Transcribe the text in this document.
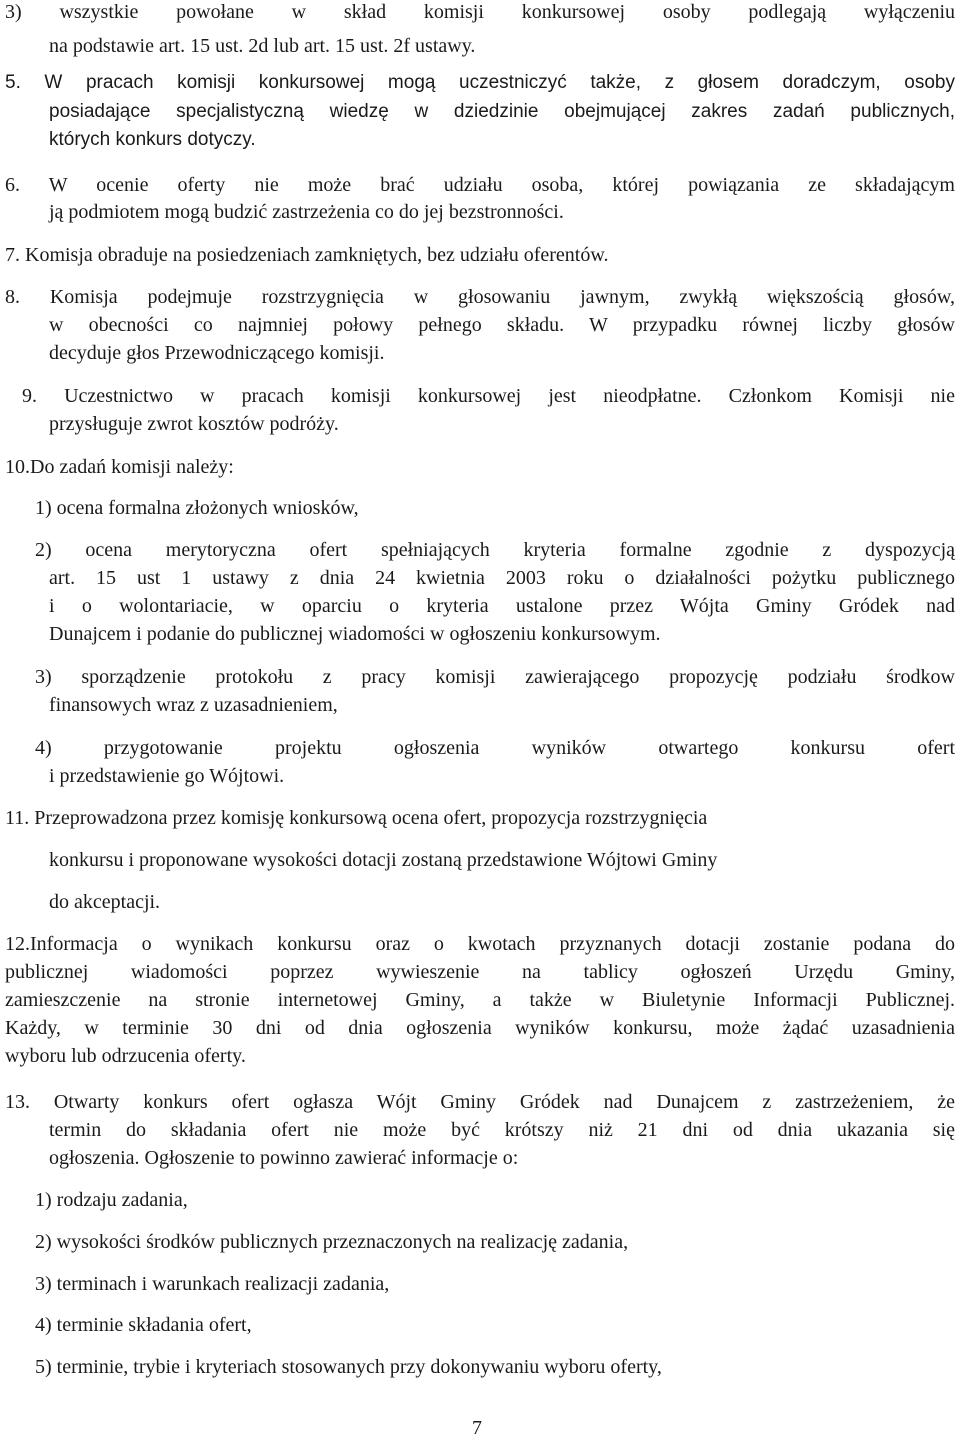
3) wszystkie powołane w skład komisji konkursowej osoby podlegają wyłączeniu
na podstawie art. 15 ust. 2d lub art. 15 ust. 2f ustawy.
5. W pracach komisji konkursowej mogą uczestniczyć także, z głosem doradczym, osoby
posiadające specjalistyczną wiedzę w dziedzinie obejmującej zakres zadań publicznych,
których konkurs dotyczy.
6. W ocenie oferty nie może brać udziału osoba, której powiązania ze składającym
ją podmiotem mogą budzić zastrzeżenia co do jej bezstronności.
7. Komisja obraduje na posiedzeniach zamkniętych, bez udziału oferentów.
8. Komisja podejmuje rozstrzygnięcia w głosowaniu jawnym, zwykłą większością głosów,
w obecności co najmniej połowy pełnego składu. W przypadku równej liczby głosów
decyduje głos Przewodniczącego komisji.
9. Uczestnictwo w pracach komisji konkursowej jest nieodpłatne. Członkom Komisji nie
przysługuje zwrot kosztów podróży.
10.Do zadań komisji należy:
1) ocena formalna złożonych wniosków,
2) ocena merytoryczna ofert spełniających kryteria formalne zgodnie z dyspozycją
art. 15 ust 1 ustawy z dnia 24 kwietnia 2003 roku o działalności pożytku publicznego
i o wolontariacie, w oparciu o kryteria ustalone przez Wójta Gminy Gródek nad
Dunajcem i podanie do publicznej wiadomości w ogłoszeniu konkursowym.
3) sporządzenie protokołu z pracy komisji zawierającego propozycję podziału środkow
finansowych wraz z uzasadnieniem,
4) przygotowanie projektu ogłoszenia wyników otwartego konkursu ofert
i przedstawienie go Wójtowi.
11. Przeprowadzona przez komisję konkursową ocena ofert, propozycja rozstrzygnięcia
konkursu i proponowane wysokości dotacji zostaną przedstawione Wójtowi Gminy
do akceptacji.
12.Informacja o wynikach konkursu oraz o kwotach przyznanych dotacji zostanie podana do
publicznej wiadomości poprzez wywieszenie na tablicy ogłoszeń Urzędu Gminy,
zamieszczenie na stronie internetowej Gminy, a także w Biuletynie Informacji Publicznej.
Każdy, w terminie 30 dni od dnia ogłoszenia wyników konkursu, może żądać uzasadnienia
wyboru lub odrzucenia oferty.
13. Otwarty konkurs ofert ogłasza Wójt Gminy Gródek nad Dunajcem z zastrzeżeniem, że
termin do składania ofert nie może być krótszy niż 21 dni od dnia ukazania się
ogłoszenia. Ogłoszenie to powinno zawierać informacje o:
1) rodzaju zadania,
2) wysokości środków publicznych przeznaczonych na realizację zadania,
3) terminach i warunkach realizacji zadania,
4) terminie składania ofert,
5) terminie, trybie i kryteriach stosowanych przy dokonywaniu wyboru oferty,
7
